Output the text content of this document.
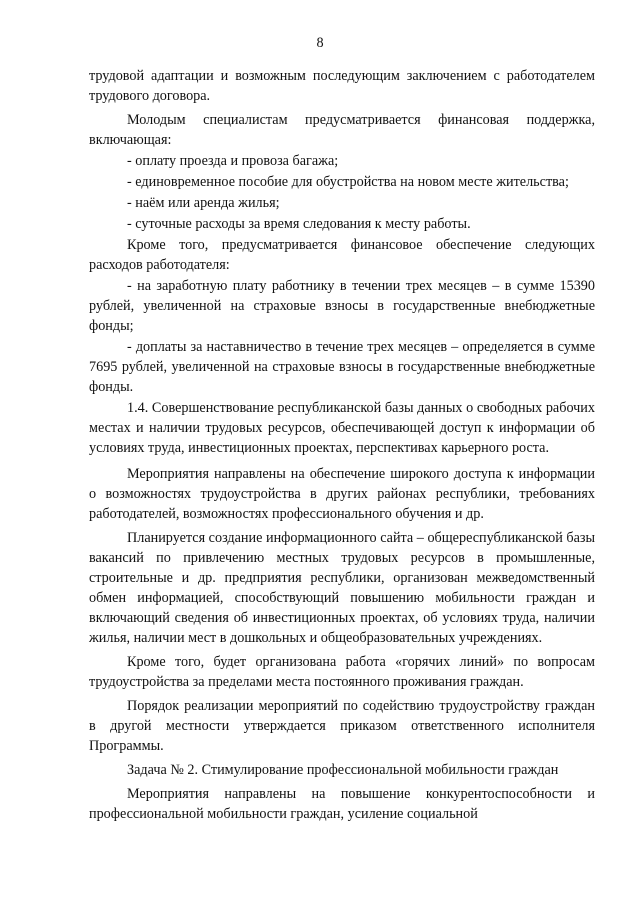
8

трудовой адаптации и возможным последующим заключением с работодателем трудового договора.

Молодым специалистам предусматривается финансовая поддержка, включающая:

- оплату проезда и провоза багажа;

- единовременное пособие для обустройства на новом месте жительства;

- наём или аренда жилья;

- суточные расходы за время следования к месту работы.

Кроме того, предусматривается финансовое обеспечение следующих расходов работодателя:

- на заработную плату работнику в течении трех месяцев – в сумме 15390 рублей, увеличенной на страховые взносы в государственные внебюджетные фонды;

- доплаты за наставничество в течение трех месяцев – определяется в сумме 7695 рублей, увеличенной на страховые взносы в государственные внебюджетные фонды.

1.4. Совершенствование республиканской базы данных о свободных рабочих местах и наличии трудовых ресурсов, обеспечивающей доступ к информации об условиях труда, инвестиционных проектах, перспективах карьерного роста.

Мероприятия направлены на обеспечение широкого доступа к информации о возможностях трудоустройства в других районах республики, требованиях работодателей, возможностях профессионального обучения и др.

Планируется создание информационного сайта – общереспубликанской базы вакансий по привлечению местных трудовых ресурсов в промышленные, строительные и др. предприятия республики, организован межведомственный обмен информацией, способствующий повышению мобильности граждан и включающий сведения об инвестиционных проектах, об условиях труда, наличии жилья, наличии мест в дошкольных и общеобразовательных учреждениях.

Кроме того, будет организована работа «горячих линий» по вопросам трудоустройства за пределами места постоянного проживания граждан.

Порядок реализации мероприятий по содействию трудоустройству граждан в другой местности утверждается приказом ответственного исполнителя Программы.

Задача № 2. Стимулирование профессиональной мобильности граждан

Мероприятия направлены на повышение конкурентоспособности и профессиональной мобильности граждан, усиление социальной
